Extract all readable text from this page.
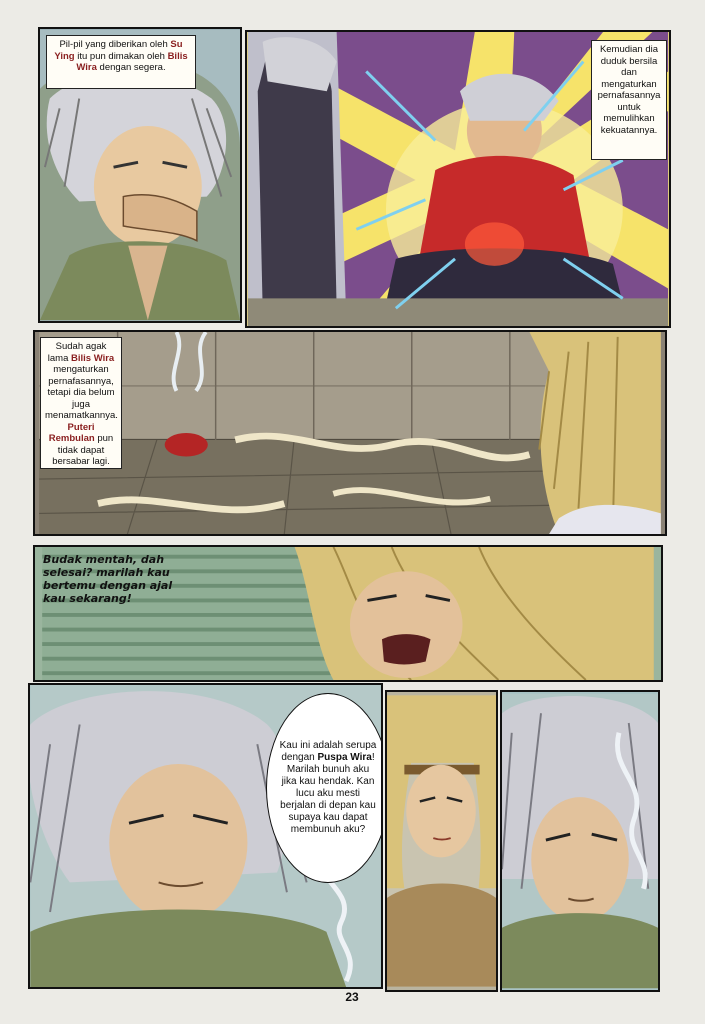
Pil-pil yang diberikan oleh Su Ying itu pun dimakan oleh Bilis Wira dengan segera.
Kemudian dia duduk bersila dan mengaturkan pernafasannya untuk memulihkan kekuatannya.
Sudah agak lama Bilis Wira mengaturkan pernafasannya, tetapi dia belum juga menamatkannya. Puteri Rembulan pun tidak dapat bersabar lagi.
Budak mentah, dah
selesai? marilah kau
bertemu dengan ajal
kau sekarang!
Kau ini adalah serupa dengan Puspa Wira! Marilah bunuh aku jika kau hendak. Kan lucu aku mesti berjalan di depan kau supaya kau dapat membunuh aku?
23
